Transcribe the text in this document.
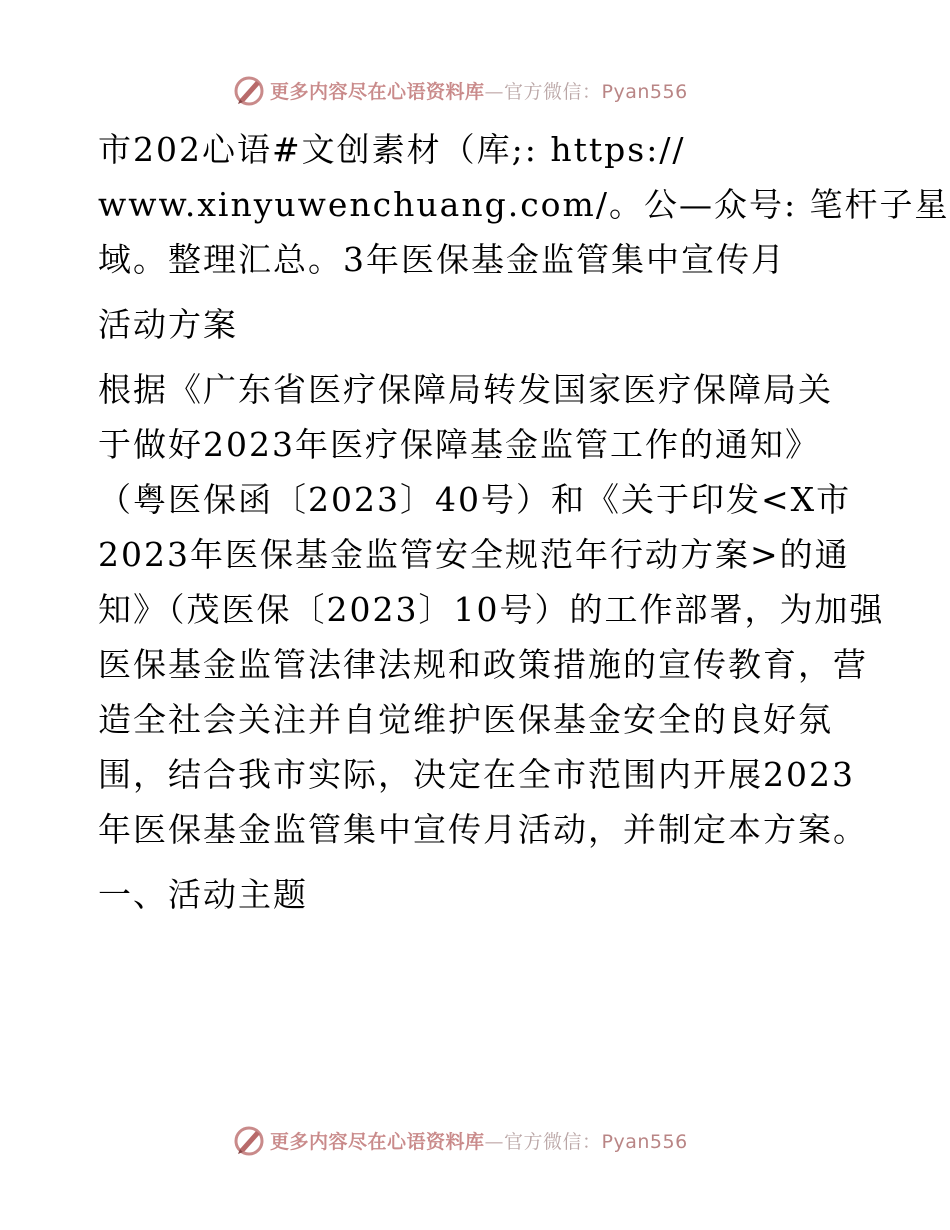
更多内容尽在心语资料库—官方微信：Pyan556
市202心语#文创素材（库;: https://
www.xinyuwenchuang.com/。公—众号: 笔杆子星
域。整理汇总。3年医保基金监管集中宣传月
活动方案
根据《广东省医疗保障局转发国家医疗保障局关
于做好2023年医疗保障基金监管工作的通知》
（粤医保函〔2023〕40号）和《关于印发<X市
2023年医保基金监管安全规范年行动方案>的通
知》（茂医保〔2023〕10号）的工作部署，为加强
医保基金监管法律法规和政策措施的宣传教育，营
造全社会关注并自觉维护医保基金安全的良好氛
围，结合我市实际，决定在全市范围内开展2023
年医保基金监管集中宣传月活动，并制定本方案。
一、活动主题
更多内容尽在心语资料库—官方微信：Pyan556
